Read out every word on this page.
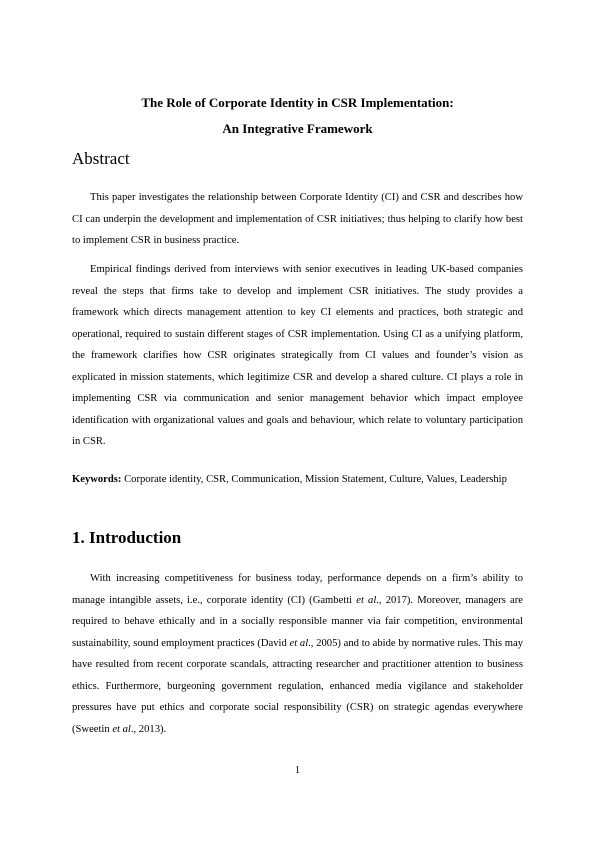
The Role of Corporate Identity in CSR Implementation:
An Integrative Framework
Abstract

This paper investigates the relationship between Corporate Identity (CI) and CSR and describes how CI can underpin the development and implementation of CSR initiatives; thus helping to clarify how best to implement CSR in business practice.

Empirical findings derived from interviews with senior executives in leading UK-based companies reveal the steps that firms take to develop and implement CSR initiatives. The study provides a framework which directs management attention to key CI elements and practices, both strategic and operational, required to sustain different stages of CSR implementation. Using CI as a unifying platform, the framework clarifies how CSR originates strategically from CI values and founder’s vision as explicated in mission statements, which legitimize CSR and develop a shared culture. CI plays a role in implementing CSR via communication and senior management behavior which impact employee identification with organizational values and goals and behaviour, which relate to voluntary participation in CSR.

Keywords: Corporate identity, CSR, Communication, Mission Statement, Culture, Values, Leadership

1. Introduction

With increasing competitiveness for business today, performance depends on a firm’s ability to manage intangible assets, i.e., corporate identity (CI) (Gambetti et al., 2017). Moreover, managers are required to behave ethically and in a socially responsible manner via fair competition, environmental sustainability, sound employment practices (David et al., 2005) and to abide by normative rules. This may have resulted from recent corporate scandals, attracting researcher and practitioner attention to business ethics. Furthermore, burgeoning government regulation, enhanced media vigilance and stakeholder pressures have put ethics and corporate social responsibility (CSR) on strategic agendas everywhere (Sweetin et al., 2013).

1
